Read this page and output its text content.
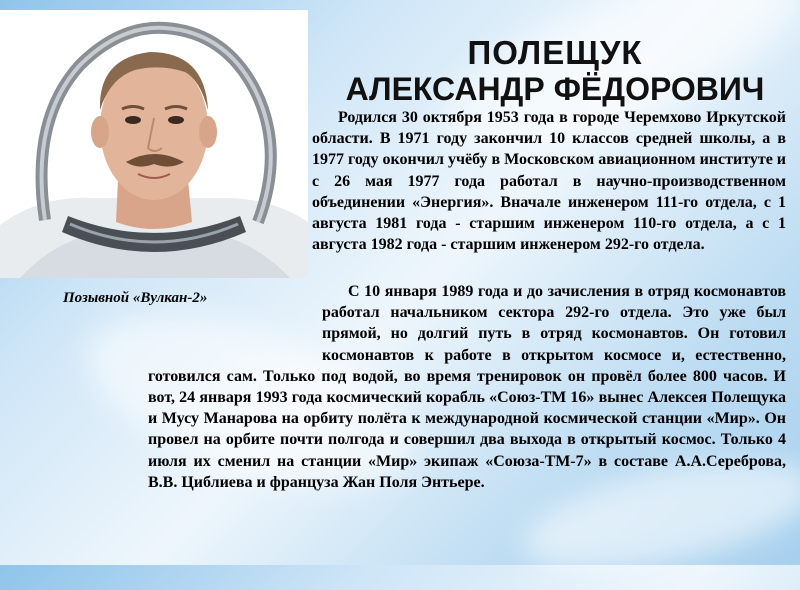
Позывной «Вулкан-2»
ПОЛЕЩУК
АЛЕКСАНДР ФЁДОРОВИЧ

Родился 30 октября 1953 года в городе Черемхово Иркутской области. В 1971 году закончил 10 классов средней школы, а в 1977 году окончил учёбу в Московском авиационном институте и с 26 мая 1977 года работал в научно-производственном объединении «Энергия». Вначале инженером 111-го отдела, с 1 августа 1981 года - старшим инженером 110-го отдела, а с 1 августа 1982 года - старшим инженером 292-го отдела.

С 10 января 1989 года и до зачисления в отряд космонавтов работал начальником сектора 292-го отдела. Это уже был прямой, но долгий путь в отряд космонавтов. Он готовил космонавтов к работе в открытом космосе и, естественно, готовился сам. Только под водой, во время тренировок он провёл более 800 часов. И вот, 24 января 1993 года космический корабль «Союз-ТМ 16» вынес Алексея Полещука и Мусу Манарова на орбиту полёта к международной космической станции «Мир». Он провел на орбите почти полгода и совершил два выхода в открытый космос. Только 4 июля их сменил на станции «Мир» экипаж «Союза-ТМ-7» в составе А.А.Сереброва, В.В. Циблиева и француза Жан Поля Энтьере.
